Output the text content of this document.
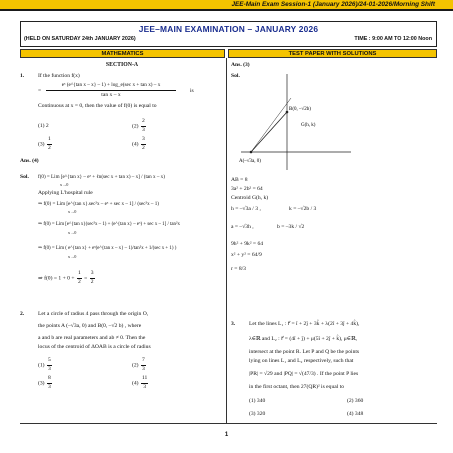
JEE-Main Exam Session-1 (January 2026)/24-01-2026/Morning Shift
JEE–MAIN EXAMINATION – JANUARY 2026
(HELD ON SATURDAY 24th JANUARY 2026)	TIME : 9:00 AM TO 12:00 Noon
MATHEMATICS	TEST PAPER WITH SOLUTIONS
SECTION-A
1. If the function f(x)
=
eˣ (e^{tan x – x} – 1) + log_e(sec x + tan x) – x
tan x – x
is
Continuous at x = 0, then the value of f(0) is equal to
(1) 2	$(2) \frac{2}{3}$
$(3) \frac{1}{2}$	$(4) \frac{3}{2}$
Ans. (4)
Sol. f(0) = Lim [e^{tan x} – eˣ + ℓn(sec x + tan x) – x] / (tan x – x)
x→0
Applying L'hospital rule
⇒ f(0) = Lim [e^{tan x}.sec²x – eˣ + sec x – 1] / (sec²x – 1)
x→0
⇒ f(0) = Lim [e^{tan x}(sec²x – 1) + (e^{tan x} – eˣ) + sec x – 1] / tan²x
x→0
⇒ f(0) = Lim ( e^{tan x} + eˣ(e^{tan x – x} – 1)/tan²x + 1/(sec x + 1) )
x→0
⇒ $f(0) = 1 + 0 + \frac{1}{2} = \frac{3}{2}$
2. Let a circle of radius 4 pass through the origin O,
the points A (–√3a, 0) and B(0, –√2 b) , where
a and b are real parameters and ab ≠ 0. Then the
locus of the centroid of ΔOAB is a circle of radius
$(1) \frac{5}{3}$	$(2) \frac{7}{3}$
$(3) \frac{8}{3}$	$(4) \frac{11}{3}$
Ans. (3)
Sol.
B(0, –√2b)
G(h, k)
A(–√3a, 0)
AB = 8
3a² + 2b² = 64
Centroid G(h, k)
h = –√3a / 3 ,	k = –√2b / 3
a = –√3h ,	b = –3k / √2
9h² + 9k² = 64
x² + y² = 64/9
r = 8/3
3. Let the lines L₁ : r⃗ = î + 2ĵ + 3k̂ + λ(2î + 3ĵ + 4k̂),
λ∈ℝ and L₂ : r⃗ = (4î + ĵ) + μ(5î + 2ĵ + k̂), μ∈ℝ,
intersect at the point R. Let P and Q be the points
lying on lines L₁ and L₂ respectively, such that
|PR| = √29 and |PQ| = √(47/3) . If the point P lies
in the first octant, then 27(QR)² is equal to
(1) 340	(2) 360
(3) 320	(4) 348
1
